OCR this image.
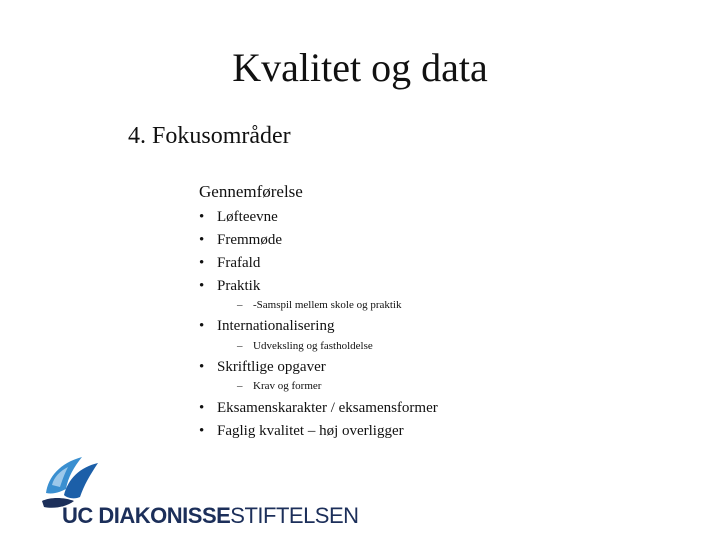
Kvalitet og data
4. Fokusområder
Gennemførelse
• Løfteevne
• Fremmøde
• Frafald
• Praktik
– -Samspil mellem skole og praktik
• Internationalisering
– Udveksling og fastholdelse
• Skriftlige opgaver
– Krav og former
• Eksamenskarakter / eksamensformer
• Faglig kvalitet – høj overligger
UC DIAKONISSESTIFTELSEN
